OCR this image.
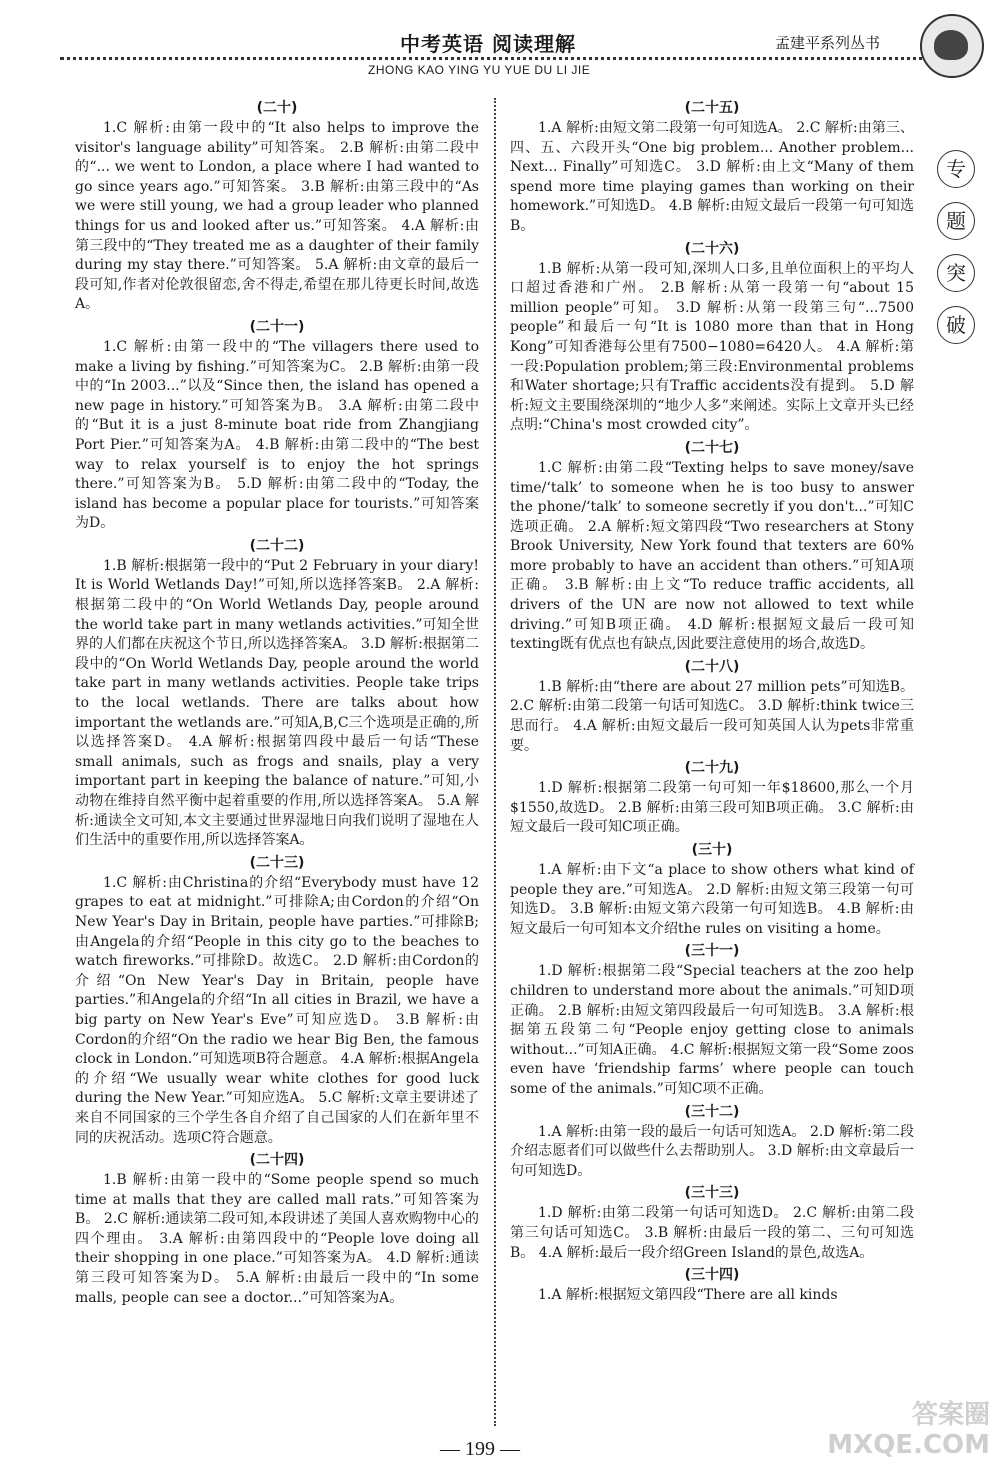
中考英语 阅读理解	孟建平系列丛书
ZHONG KAO YING YU YUE DU LI JIE
专
题
突
破
(二十)

1.C 解析:由第一段中的“It also helps to improve the visitor's language ability”可知答案。 2.B 解析:由第二段中的“... we went to London, a place where I had wanted to go since years ago.”可知答案。 3.B 解析:由第三段中的“As we were still young, we had a group leader who planned things for us and looked after us.”可知答案。 4.A 解析:由第三段中的“They treated me as a daughter of their family during my stay there.”可知答案。 5.A 解析:由文章的最后一段可知,作者对伦敦很留恋,舍不得走,希望在那儿待更长时间,故选A。

(二十一)

1.C 解析:由第一段中的“The villagers there used to make a living by fishing.”可知答案为C。 2.B 解析:由第一段中的“In 2003...”以及“Since then, the island has opened a new page in history.”可知答案为B。 3.A 解析:由第二段中的“But it is a just 8-minute boat ride from Zhangjiang Port Pier.”可知答案为A。 4.B 解析:由第二段中的“The best way to relax yourself is to enjoy the hot springs there.”可知答案为B。 5.D 解析:由第二段中的“Today, the island has become a popular place for tourists.”可知答案为D。

(二十二)

1.B 解析:根据第一段中的“Put 2 February in your diary! It is World Wetlands Day!”可知,所以选择答案B。 2.A 解析:根据第二段中的“On World Wetlands Day, people around the world take part in many wetlands activities.”可知全世界的人们都在庆祝这个节日,所以选择答案A。 3.D 解析:根据第二段中的“On World Wetlands Day, people around the world take part in many wetlands activities. People take trips to the local wetlands. There are talks about how important the wetlands are.”可知A,B,C三个选项是正确的,所以选择答案D。 4.A 解析:根据第四段中最后一句话“These small animals, such as frogs and snails, play a very important part in keeping the balance of nature.”可知,小动物在维持自然平衡中起着重要的作用,所以选择答案A。 5.A 解析:通读全文可知,本文主要通过世界湿地日向我们说明了湿地在人们生活中的重要作用,所以选择答案A。

(二十三)

1.C 解析:由Christina的介绍“Everybody must have 12 grapes to eat at midnight.”可排除A;由Cordon的介绍“On New Year's Day in Britain, people have parties.”可排除B;由Angela的介绍“People in this city go to the beaches to watch fireworks.”可排除D。故选C。 2.D 解析:由Cordon的介绍“On New Year's Day in Britain, people have parties.”和Angela的介绍“In all cities in Brazil, we have a big party on New Year's Eve”可知应选D。 3.B 解析:由Cordon的介绍“On the radio we hear Big Ben, the famous clock in London.”可知选项B符合题意。 4.A 解析:根据Angela的介绍“We usually wear white clothes for good luck during the New Year.”可知应选A。 5.C 解析:文章主要讲述了来自不同国家的三个学生各自介绍了自己国家的人们在新年里不同的庆祝活动。选项C符合题意。

(二十四)

1.B 解析:由第一段中的“Some people spend so much time at malls that they are called mall rats.”可知答案为B。 2.C 解析:通读第二段可知,本段讲述了美国人喜欢购物中心的四个理由。 3.A 解析:由第四段中的“People love doing all their shopping in one place.”可知答案为A。 4.D 解析:通读第三段可知答案为D。 5.A 解析:由最后一段中的“In some malls, people can see a doctor...”可知答案为A。

(二十五)

1.A 解析:由短文第二段第一句可知选A。 2.C 解析:由第三、四、五、六段开头“One big problem... Another problem... Next... Finally”可知选C。 3.D 解析:由上文“Many of them spend more time playing games than working on their homework.”可知选D。 4.B 解析:由短文最后一段第一句可知选B。

(二十六)

1.B 解析:从第一段可知,深圳人口多,且单位面积上的平均人口超过香港和广州。 2.B 解析:从第一段第一句“about 15 million people”可知。 3.D 解析:从第一段第三句“...7500 people”和最后一句“It is 1080 more than that in Hong Kong”可知香港每公里有7500−1080=6420人。 4.A 解析:第一段:Population problem;第三段:Environmental problems和Water shortage;只有Traffic accidents没有提到。 5.D 解析:短文主要围绕深圳的“地少人多”来阐述。实际上文章开头已经点明:“China's most crowded city”。

(二十七)

1.C 解析:由第二段“Texting helps to save money/save time/‘talk’ to someone when he is too busy to answer the phone/‘talk’ to someone secretly if you don't...”可知C选项正确。 2.A 解析:短文第四段“Two researchers at Stony Brook University, New York found that texters are 60% more probably to have an accident than others.”可知A项正确。 3.B 解析:由上文“To reduce traffic accidents, all drivers of the UN are now not allowed to text while driving.”可知B项正确。 4.D 解析:根据短文最后一段可知texting既有优点也有缺点,因此要注意使用的场合,故选D。

(二十八)

1.B 解析:由“there are about 27 million pets”可知选B。 2.C 解析:由第二段第一句话可知选C。 3.D 解析:think twice三思而行。 4.A 解析:由短文最后一段可知英国人认为pets非常重要。

(二十九)

1.D 解析:根据第二段第一句可知一年$18600,那么一个月$1550,故选D。 2.B 解析:由第三段可知B项正确。 3.C 解析:由短文最后一段可知C项正确。

(三十)

1.A 解析:由下文“a place to show others what kind of people they are.”可知选A。 2.D 解析:由短文第三段第一句可知选D。 3.B 解析:由短文第六段第一句可知选B。 4.B 解析:由短文最后一句可知本文介绍the rules on visiting a home。

(三十一)

1.D 解析:根据第二段“Special teachers at the zoo help children to understand more about the animals.”可知D项正确。 2.B 解析:由短文第四段最后一句可知选B。 3.A 解析:根据第五段第二句“People enjoy getting close to animals without...”可知A正确。 4.C 解析:根据短文第一段“Some zoos even have ‘friendship farms’ where people can touch some of the animals.”可知C项不正确。

(三十二)

1.A 解析:由第一段的最后一句话可知选A。 2.D 解析:第二段介绍志愿者们可以做些什么去帮助别人。 3.D 解析:由文章最后一句可知选D。

(三十三)

1.D 解析:由第二段第一句话可知选D。 2.C 解析:由第二段第三句话可知选C。 3.B 解析:由最后一段的第二、三句可知选B。 4.A 解析:最后一段介绍Green Island的景色,故选A。

(三十四)

1.A 解析:根据短文第四段“There are all kinds

— 199 —
答案圈
MXQE.COM
